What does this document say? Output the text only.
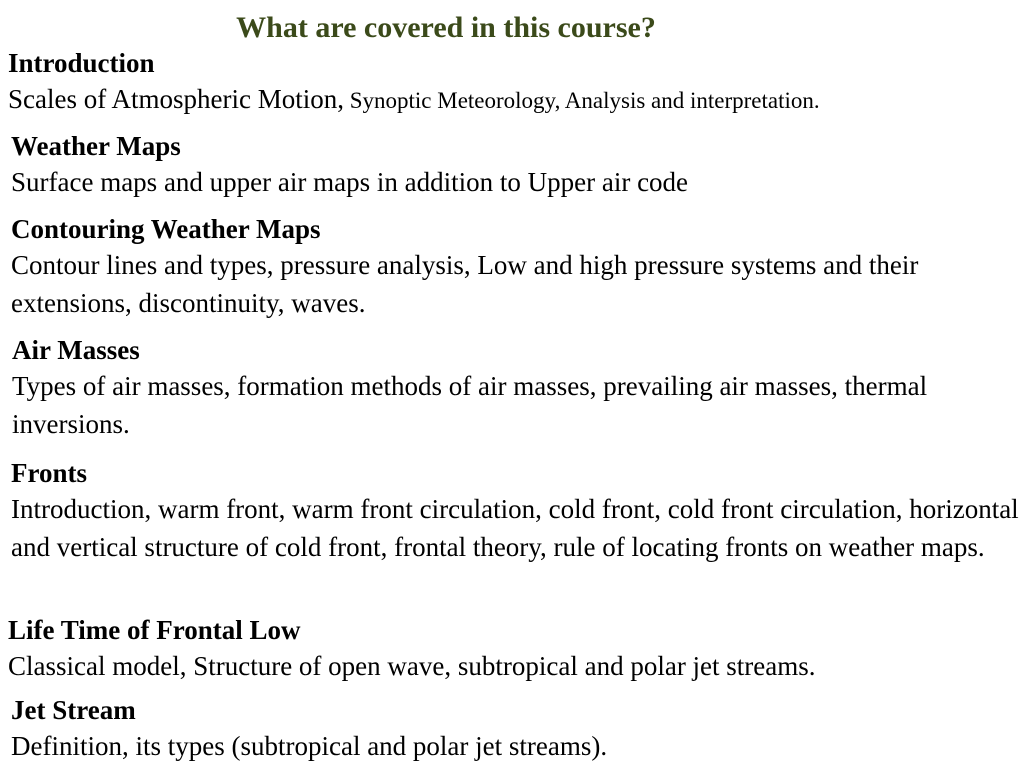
What are covered in this course?
Introduction
Scales of Atmospheric Motion, Synoptic Meteorology, Analysis and interpretation.
Weather Maps
Surface maps and upper air maps in addition to Upper air code
Contouring Weather Maps
Contour lines and types, pressure analysis, Low and high pressure systems and their extensions, discontinuity, waves.
Air Masses
Types of air masses, formation methods of air masses, prevailing air masses, thermal inversions.
Fronts
Introduction, warm front, warm front circulation, cold front, cold front circulation, horizontal and vertical structure of cold front, frontal theory, rule of locating fronts on weather maps.
Life Time of Frontal Low
Classical model, Structure of open wave, subtropical and polar jet streams.
Jet Stream
Definition, its types (subtropical and polar jet streams).
